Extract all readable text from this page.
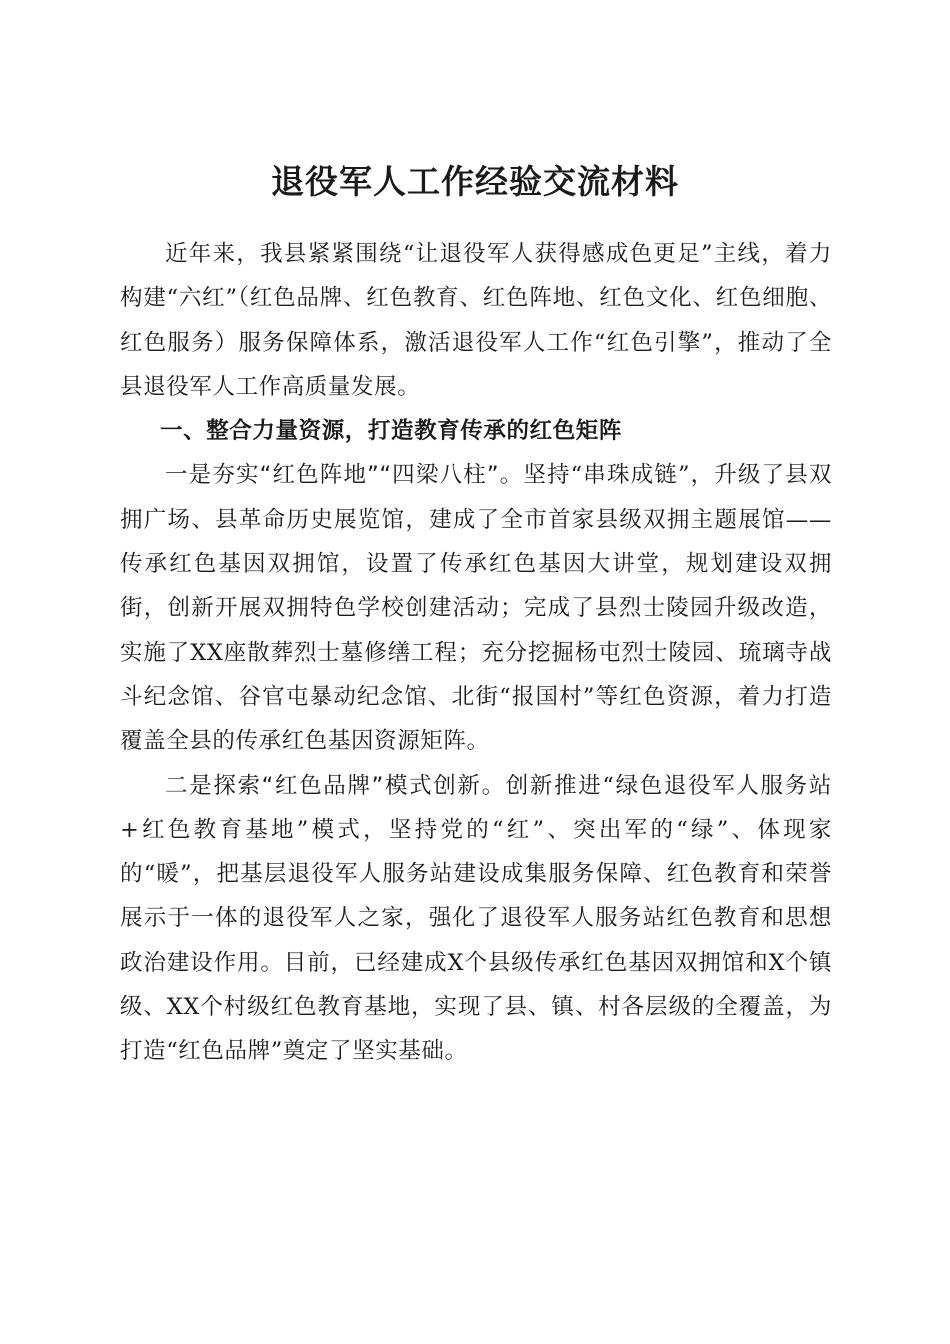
退役军人工作经验交流材料

近年来，我县紧紧围绕“让退役军人获得感成色更足”主线，着力构建“六红”（红色品牌、红色教育、红色阵地、红色文化、红色细胞、红色服务）服务保障体系，激活退役军人工作“红色引擎”，推动了全县退役军人工作高质量发展。

一、整合力量资源，打造教育传承的红色矩阵

一是夯实“红色阵地”“四梁八柱”。坚持“串珠成链”，升级了县双拥广场、县革命历史展览馆，建成了全市首家县级双拥主题展馆——传承红色基因双拥馆，设置了传承红色基因大讲堂，规划建设双拥街，创新开展双拥特色学校创建活动；完成了县烈士陵园升级改造，实施了XX座散葬烈士墓修缮工程；充分挖掘杨屯烈士陵园、琉璃寺战斗纪念馆、谷官屯暴动纪念馆、北街“报国村”等红色资源，着力打造覆盖全县的传承红色基因资源矩阵。

二是探索“红色品牌”模式创新。创新推进“绿色退役军人服务站+红色教育基地”模式，坚持党的“红”、突出军的“绿”、体现家的“暖”，把基层退役军人服务站建设成集服务保障、红色教育和荣誉展示于一体的退役军人之家，强化了退役军人服务站红色教育和思想政治建设作用。目前，已经建成X个县级传承红色基因双拥馆和X个镇级、XX个村级红色教育基地，实现了县、镇、村各层级的全覆盖，为打造“红色品牌”奠定了坚实基础。
